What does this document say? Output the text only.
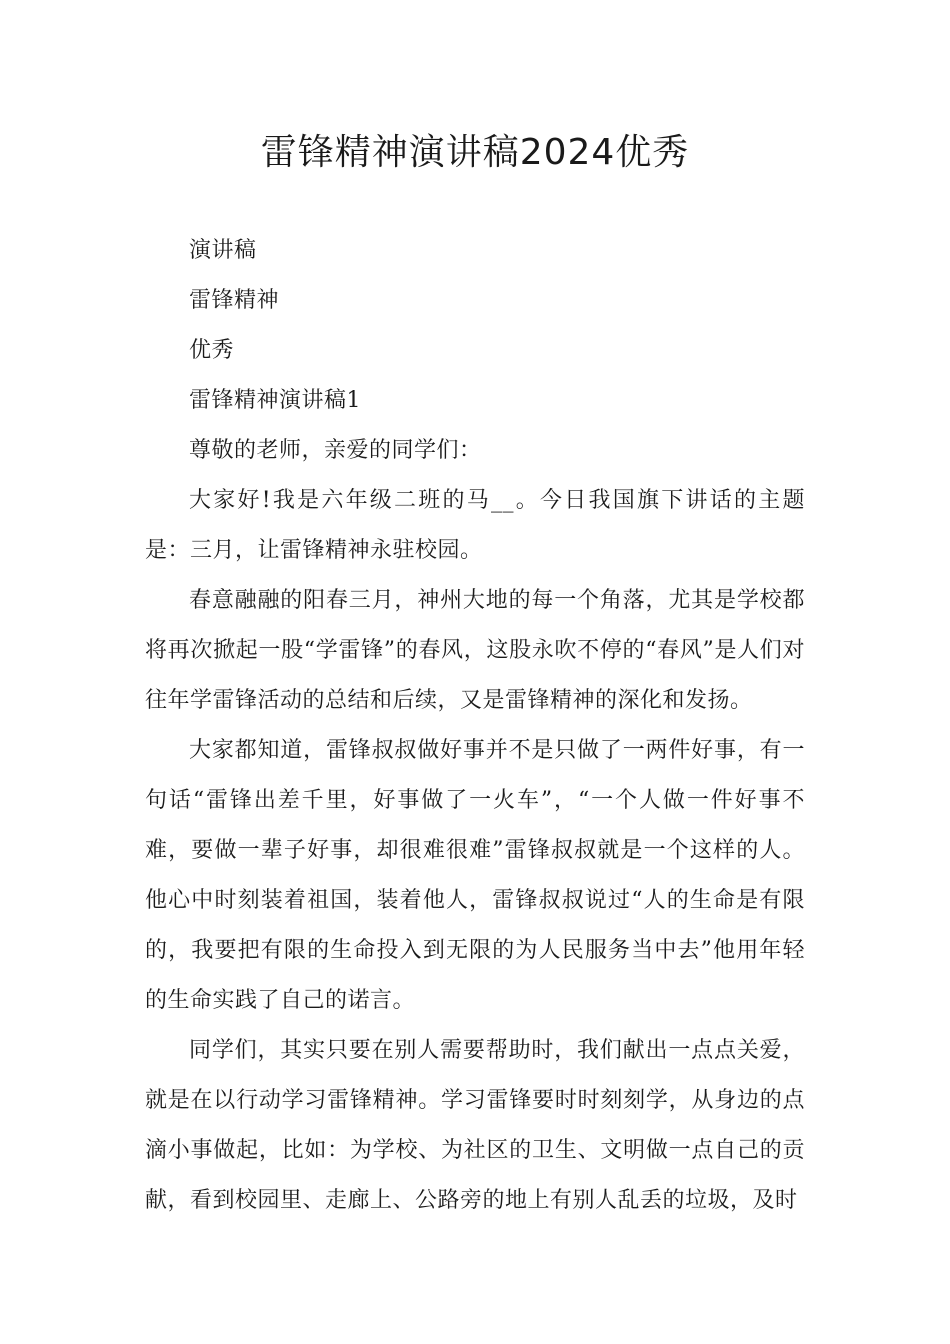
雷锋精神演讲稿2024优秀

演讲稿

雷锋精神

优秀

雷锋精神演讲稿1

尊敬的老师，亲爱的同学们：

大家好!我是六年级二班的马__。今日我国旗下讲话的主题是：三月，让雷锋精神永驻校园。

春意融融的阳春三月，神州大地的每一个角落，尤其是学校都将再次掀起一股“学雷锋”的春风，这股永吹不停的“春风”是人们对往年学雷锋活动的总结和后续，又是雷锋精神的深化和发扬。

大家都知道，雷锋叔叔做好事并不是只做了一两件好事，有一句话“雷锋出差千里，好事做了一火车”，“一个人做一件好事不难，要做一辈子好事，却很难很难”雷锋叔叔就是一个这样的人。他心中时刻装着祖国，装着他人，雷锋叔叔说过“人的生命是有限的，我要把有限的生命投入到无限的为人民服务当中去”他用年轻的生命实践了自己的诺言。

同学们，其实只要在别人需要帮助时，我们献出一点点关爱，就是在以行动学习雷锋精神。学习雷锋要时时刻刻学，从身边的点滴小事做起，比如：为学校、为社区的卫生、文明做一点自己的贡献，看到校园里、走廊上、公路旁的地上有别人乱丢的垃圾，及时
